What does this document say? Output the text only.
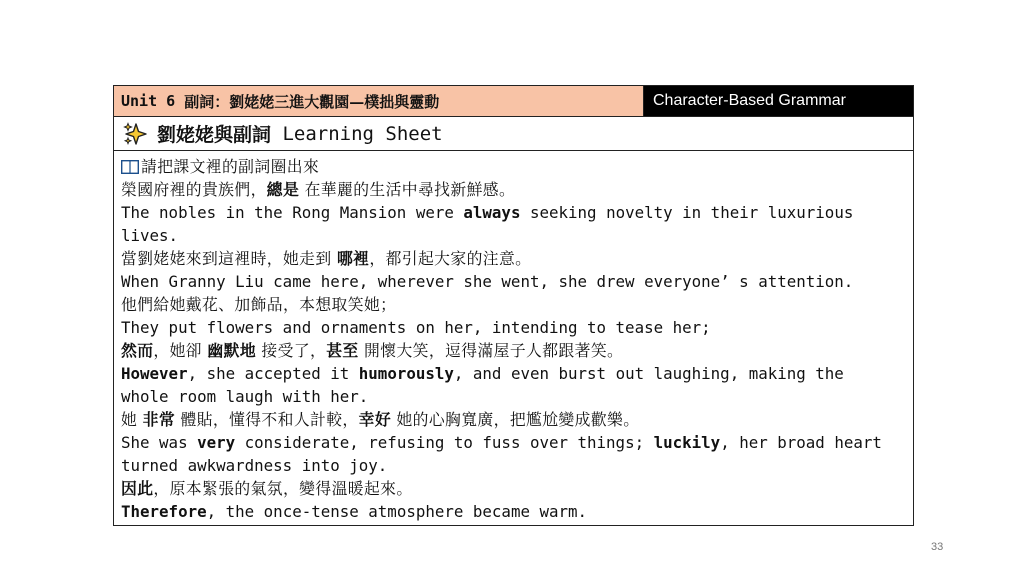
Unit 6 副詞：劉姥姥三進大觀園—樸拙與靈動	Character-Based Grammar
劉姥姥與副詞 Learning Sheet
請把課文裡的副詞圈出來
榮國府裡的貴族們，總是 在華麗的生活中尋找新鮮感。
The nobles in the Rong Mansion were always seeking novelty in their luxurious
lives.
當劉姥姥來到這裡時，她走到 哪裡，都引起大家的注意。
When Granny Liu came here, wherever she went, she drew everyone’ s attention.
他們給她戴花、加飾品，本想取笑她；
They put flowers and ornaments on her, intending to tease her;
然而，她卻 幽默地 接受了，甚至 開懷大笑，逗得滿屋子人都跟著笑。
However, she accepted it humorously, and even burst out laughing, making the
whole room laugh with her.
她 非常 體貼，懂得不和人計較，幸好 她的心胸寬廣，把尷尬變成歡樂。
She was very considerate, refusing to fuss over things; luckily, her broad heart
turned awkwardness into joy.
因此，原本緊張的氣氛，變得溫暖起來。
Therefore, the once-tense atmosphere became warm.
33
